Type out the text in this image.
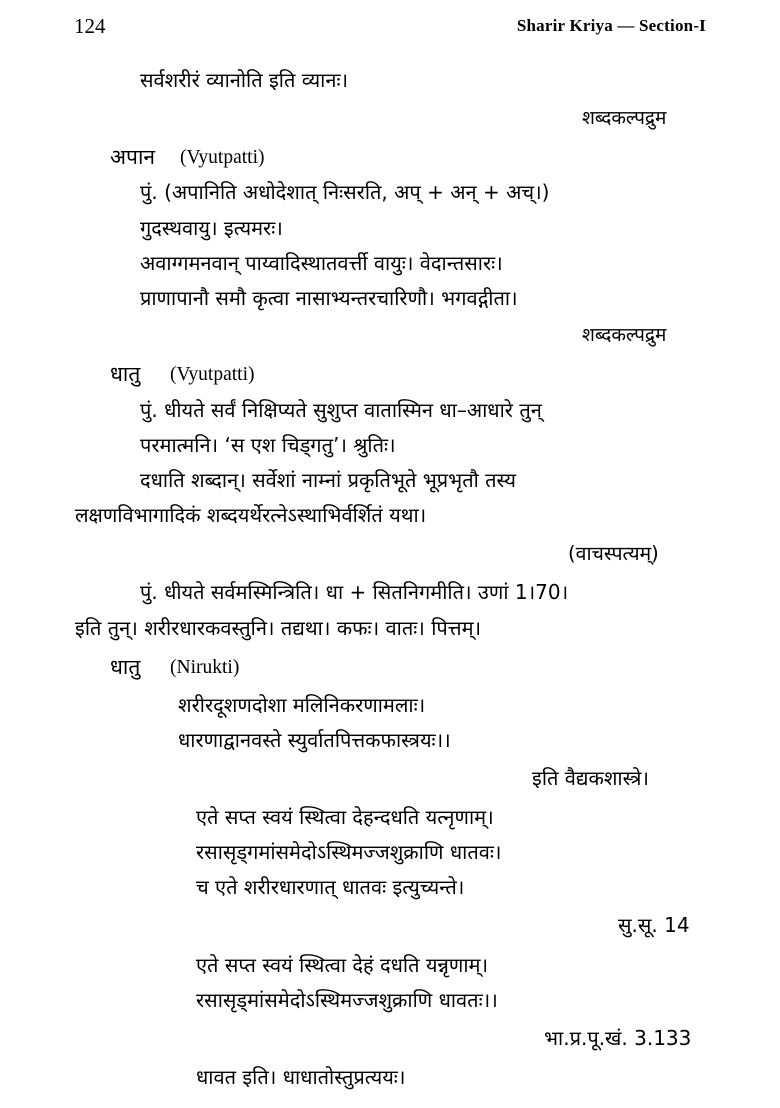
124	Sharir Kriya — Section-I
सर्वशरीरं व्यानोति इति व्यानः।
शब्दकल्पद्रुम
अपान (Vyutpatti)
पुं. (अपानिति अधोदेशात् निःसरति, अप् + अन् + अच्।)
गुदस्थवायु। इत्यमरः।
अवाग्गमनवान् पाय्वादिस्थातवर्त्ती वायुः। वेदान्तसारः।
प्राणापानौ समौ कृत्वा नासाभ्यन्तरचारिणौ। भगवद्गीता।
शब्दकल्पद्रुम
धातु (Vyutpatti)
पुं. धीयते सर्वं निक्षिप्यते सुशुप्त वातास्मिन धा–आधारे तुन्
परमात्मनि। ‘स एश चिड्गतु’। श्रुतिः।
दधाति शब्दान्। सर्वेशां नाम्नां प्रकृतिभूते भूप्रभृतौ तस्य
लक्षणविभागादिकं शब्दयर्थेरत्नेऽस्थाभिर्वर्शितं यथा।
(वाचस्पत्यम्)
पुं. धीयते सर्वमस्मिन्त्रिति। धा + सितनिगमीति। उणां 1।70।
इति तुन्। शरीरधारकवस्तुनि। तद्यथा। कफः। वातः। पित्तम्।
धातु (Nirukti)
शरीरदूशणदोशा मलिनिकरणामलाः।
धारणाद्वानवस्ते स्युर्वातपित्तकफास्त्रयः।।
इति वैद्यकशास्त्रे।
एते सप्त स्वयं स्थित्वा देहन्दधति यत्नृणाम्।
रसासृड्गमांसमेदोऽस्थिमज्जशुक्राणि धातवः।
च एते शरीरधारणात् धातवः इत्युच्यन्ते।
सु.सू. 14
एते सप्त स्वयं स्थित्वा देहं दधति यन्नृणाम्।
रसासृड्मांसमेदोऽस्थिमज्जशुक्राणि धावतः।।
भा.प्र.पू.खं. 3.133
धावत इति। धाधातोस्तुप्रत्ययः।
